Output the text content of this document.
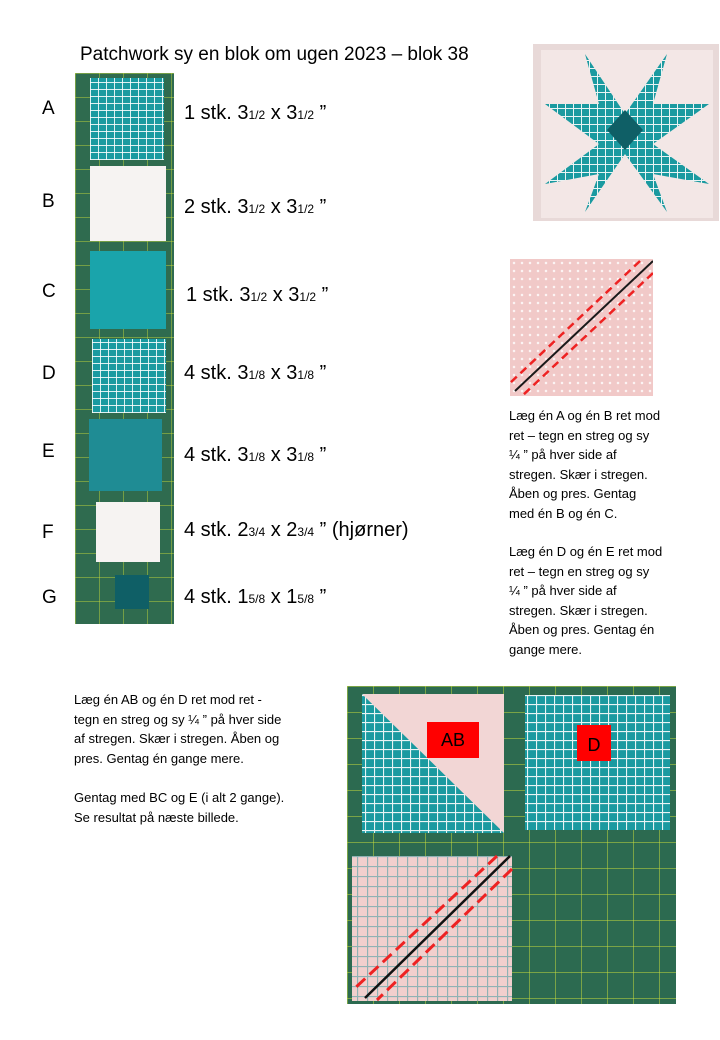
Patchwork sy en blok om ugen 2023 – blok 38
A
B
C
D
E
F
G
1 stk. 31/2 x 31/2 ”
2 stk. 31/2 x 31/2 ”
1 stk. 31/2 x 31/2 ”
4 stk. 31/8 x 31/8 ”
4 stk. 31/8 x 31/8 ”
4 stk. 23/4 x 23/4 ” (hjørner)
4 stk. 15/8 x 15/8 ”
Læg én A og én B ret mod
ret – tegn en streg og sy
¼ ” på hver side af
stregen. Skær i stregen.
Åben og pres. Gentag
med én B og én C.
Læg én D og én E ret mod
ret – tegn en streg og sy
¼ ” på hver side af
stregen. Skær i stregen.
Åben og pres. Gentag én
gange mere.
Læg én AB og én D ret mod ret -
tegn en streg og sy ¼ ” på hver side
af stregen. Skær i stregen. Åben og
pres. Gentag én gange mere.
Gentag med BC og E (i alt 2 gange).
Se resultat på næste billede.
AB	D
